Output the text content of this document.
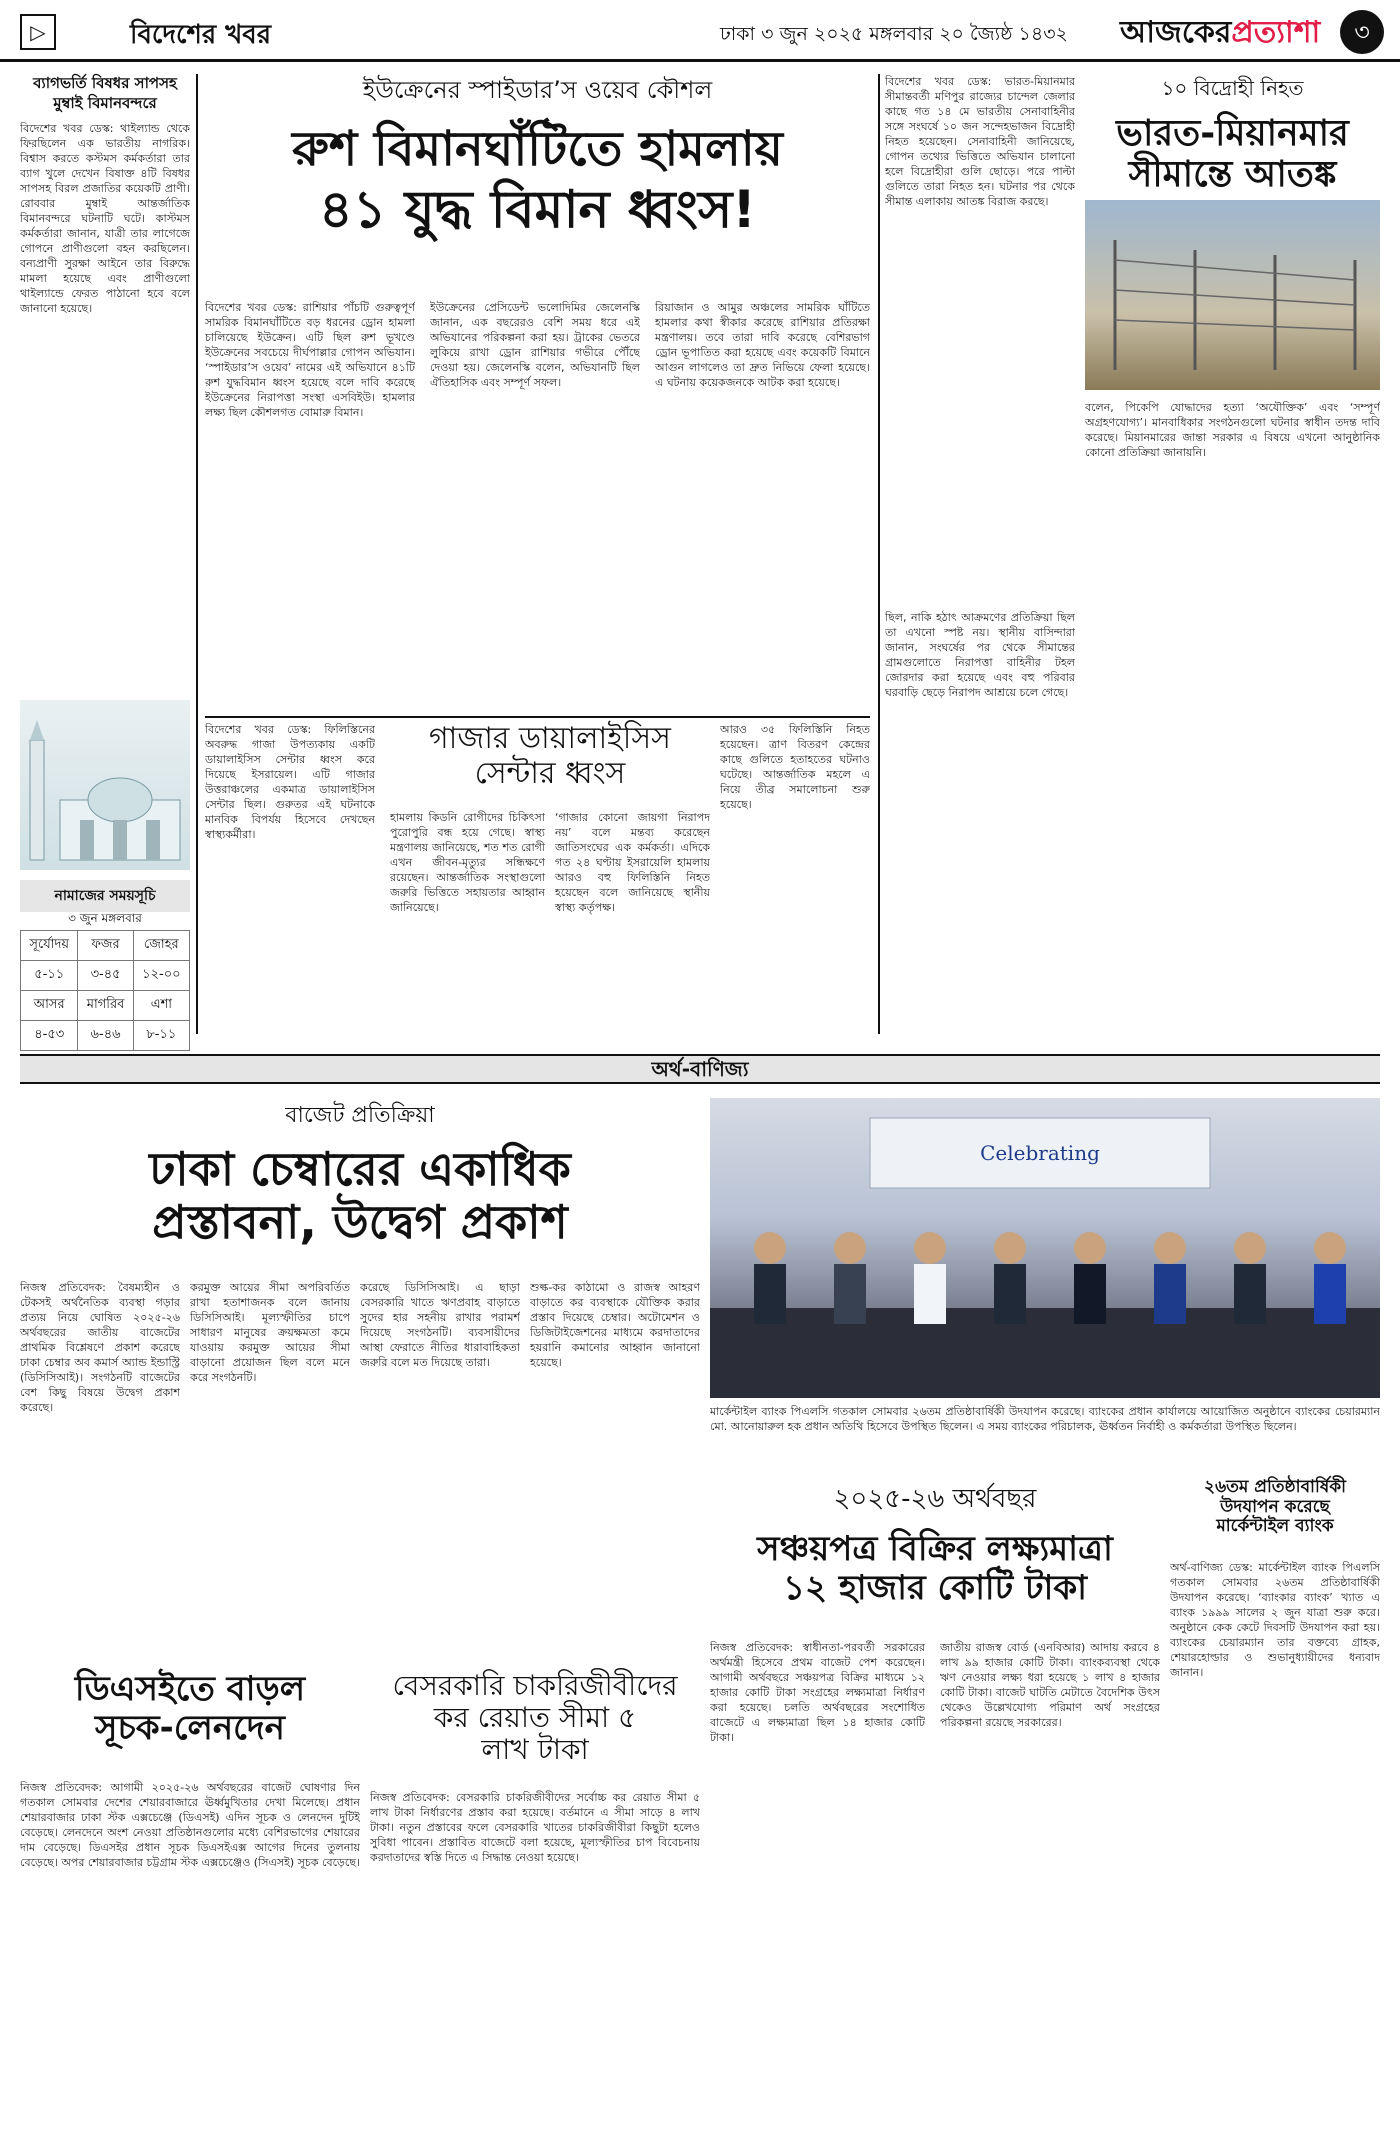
▷	বিদেশের খবর	ঢাকা ৩ জুন ২০২৫ মঙ্গলবার ২০ জ্যৈষ্ঠ ১৪৩২ আজকেরপ্রত্যাশা	৩
ব্যাগভর্তি বিষধর সাপসহ মুম্বাই বিমানবন্দরে
বিদেশের খবর ডেস্ক: থাইল্যান্ড থেকে ফিরছিলেন এক ভারতীয় নাগরিক। বিশ্বাস করতে কস্টমস কর্মকর্তারা তার ব্যাগ খুলে দেখেন বিষাক্ত ৪টি বিষধর সাপসহ বিরল প্রজাতির কয়েকটি প্রাণী। রোববার মুম্বাই আন্তর্জাতিক বিমানবন্দরে ঘটনাটি ঘটে। কাস্টমস কর্মকর্তারা জানান, যাত্রী তার লাগেজে গোপনে প্রাণীগুলো বহন করছিলেন। বন্যপ্রাণী সুরক্ষা আইনে তার বিরুদ্ধে মামলা হয়েছে এবং প্রাণীগুলো থাইল্যান্ডে ফেরত পাঠানো হবে বলে জানানো হয়েছে।
নামাজের সময়সূচি
৩ জুন মঙ্গলবার
সূর্যোদয়	ফজর	জোহর
৫-১১	৩-৪৫	১২-০০
আসর	মাগরিব	এশা
৪-৫৩	৬-৪৬	৮-১১
ইউক্রেনের স্পাইডার’স ওয়েব কৌশল
রুশ বিমানঘাঁটিতে হামলায়
৪১ যুদ্ধ বিমান ধ্বংস!
বিদেশের খবর ডেস্ক: রাশিয়ার পাঁচটি গুরুত্বপূর্ণ সামরিক বিমানঘাঁটিতে বড় ধরনের ড্রোন হামলা চালিয়েছে ইউক্রেন। এটি ছিল রুশ ভূখণ্ডে ইউক্রেনের সবচেয়ে দীর্ঘপাল্লার গোপন অভিযান। ‘স্পাইডার’স ওয়েব’ নামের এই অভিযানে ৪১টি রুশ যুদ্ধবিমান ধ্বংস হয়েছে বলে দাবি করেছে ইউক্রেনের নিরাপত্তা সংস্থা এসবিইউ। হামলার লক্ষ্য ছিল কৌশলগত বোমারু বিমান।
ইউক্রেনের প্রেসিডেন্ট ভলোদিমির জেলেনস্কি জানান, এক বছরেরও বেশি সময় ধরে এই অভিযানের পরিকল্পনা করা হয়। ট্রাকের ভেতরে লুকিয়ে রাখা ড্রোন রাশিয়ার গভীরে পৌঁছে দেওয়া হয়। জেলেনস্কি বলেন, অভিযানটি ছিল ঐতিহাসিক এবং সম্পূর্ণ সফল।
রিয়াজান ও আমুর অঞ্চলের সামরিক ঘাঁটিতে হামলার কথা স্বীকার করেছে রাশিয়ার প্রতিরক্ষা মন্ত্রণালয়। তবে তারা দাবি করেছে বেশিরভাগ ড্রোন ভূপাতিত করা হয়েছে এবং কয়েকটি বিমানে আগুন লাগলেও তা দ্রুত নিভিয়ে ফেলা হয়েছে। এ ঘটনায় কয়েকজনকে আটক করা হয়েছে।
বিদেশের খবর ডেস্ক: ভারত-মিয়ানমার সীমান্তবর্তী মণিপুর রাজ্যের চান্দেল জেলার কাছে গত ১৪ মে ভারতীয় সেনাবাহিনীর সঙ্গে সংঘর্ষে ১০ জন সন্দেহভাজন বিদ্রোহী নিহত হয়েছেন। সেনাবাহিনী জানিয়েছে, গোপন তথ্যের ভিত্তিতে অভিযান চালানো হলে বিদ্রোহীরা গুলি ছোড়ে। পরে পাল্টা গুলিতে তারা নিহত হন। ঘটনার পর থেকে সীমান্ত এলাকায় আতঙ্ক বিরাজ করছে।
১০ বিদ্রোহী নিহত
ভারত-মিয়ানমার
সীমান্তে আতঙ্ক
ছিল, নাকি হঠাৎ আক্রমণের প্রতিক্রিয়া ছিল তা এখনো স্পষ্ট নয়। স্থানীয় বাসিন্দারা জানান, সংঘর্ষের পর থেকে সীমান্তের গ্রামগুলোতে নিরাপত্তা বাহিনীর টহল জোরদার করা হয়েছে এবং বহু পরিবার ঘরবাড়ি ছেড়ে নিরাপদ আশ্রয়ে চলে গেছে।
বলেন, পিকেপি যোদ্ধাদের হত্যা ‘অযৌক্তিক’ এবং ‘সম্পূর্ণ অগ্রহণযোগ্য’। মানবাধিকার সংগঠনগুলো ঘটনার স্বাধীন তদন্ত দাবি করেছে। মিয়ানমারের জান্তা সরকার এ বিষয়ে এখনো আনুষ্ঠানিক কোনো প্রতিক্রিয়া জানায়নি।
গাজার ডায়ালাইসিস সেন্টার ধ্বংস
বিদেশের খবর ডেস্ক: ফিলিস্তিনের অবরুদ্ধ গাজা উপত্যকায় একটি ডায়ালাইসিস সেন্টার ধ্বংস করে দিয়েছে ইসরায়েল। এটি গাজার উত্তরাঞ্চলের একমাত্র ডায়ালাইসিস সেন্টার ছিল। গুরুতর এই ঘটনাকে মানবিক বিপর্যয় হিসেবে দেখছেন স্বাস্থ্যকর্মীরা।
হামলায় কিডনি রোগীদের চিকিৎসা পুরোপুরি বন্ধ হয়ে গেছে। স্বাস্থ্য মন্ত্রণালয় জানিয়েছে, শত শত রোগী এখন জীবন-মৃত্যুর সন্ধিক্ষণে রয়েছেন। আন্তর্জাতিক সংস্থাগুলো জরুরি ভিত্তিতে সহায়তার আহ্বান জানিয়েছে।
‘গাজার কোনো জায়গা নিরাপদ নয়’ বলে মন্তব্য করেছেন জাতিসংঘের এক কর্মকর্তা। এদিকে গত ২৪ ঘণ্টায় ইসরায়েলি হামলায় আরও বহু ফিলিস্তিনি নিহত হয়েছেন বলে জানিয়েছে স্থানীয় স্বাস্থ্য কর্তৃপক্ষ।
আরও ৩৫ ফিলিস্তিনি নিহত হয়েছেন। ত্রাণ বিতরণ কেন্দ্রের কাছে গুলিতে হতাহতের ঘটনাও ঘটেছে। আন্তর্জাতিক মহলে এ নিয়ে তীব্র সমালোচনা শুরু হয়েছে।
অর্থ-বাণিজ্য
বাজেট প্রতিক্রিয়া
ঢাকা চেম্বারের একাধিক
প্রস্তাবনা, উদ্বেগ প্রকাশ
নিজস্ব প্রতিবেদক: বৈষম্যহীন ও টেকসই অর্থনৈতিক ব্যবস্থা গড়ার প্রত্যয় নিয়ে ঘোষিত ২০২৫-২৬ অর্থবছরের জাতীয় বাজেটের প্রাথমিক বিশ্লেষণে প্রকাশ করেছে ঢাকা চেম্বার অব কমার্স অ্যান্ড ইন্ডাস্ট্রি (ডিসিসিআই)। সংগঠনটি বাজেটের বেশ কিছু বিষয়ে উদ্বেগ প্রকাশ করেছে।
করমুক্ত আয়ের সীমা অপরিবর্তিত রাখা হতাশাজনক বলে জানায় ডিসিসিআই। মূল্যস্ফীতির চাপে সাধারণ মানুষের ক্রয়ক্ষমতা কমে যাওয়ায় করমুক্ত আয়ের সীমা বাড়ানো প্রয়োজন ছিল বলে মনে করে সংগঠনটি।
করেছে ডিসিসিআই। এ ছাড়া বেসরকারি খাতে ঋণপ্রবাহ বাড়াতে সুদের হার সহনীয় রাখার পরামর্শ দিয়েছে সংগঠনটি। ব্যবসায়ীদের আস্থা ফেরাতে নীতির ধারাবাহিকতা জরুরি বলে মত দিয়েছে তারা।
শুল্ক-কর কাঠামো ও রাজস্ব আহরণ বাড়াতে কর ব্যবস্থাকে যৌক্তিক করার প্রস্তাব দিয়েছে চেম্বার। অটোমেশন ও ডিজিটাইজেশনের মাধ্যমে করদাতাদের হয়রানি কমানোর আহ্বান জানানো হয়েছে।
Celebrating
মার্কেন্টাইল ব্যাংক পিএলসি গতকাল সোমবার ২৬তম প্রতিষ্ঠাবার্ষিকী উদযাপন করেছে। ব্যাংকের প্রধান কার্যালয়ে আয়োজিত অনুষ্ঠানে ব্যাংকের চেয়ারম্যান মো. আনোয়ারুল হক প্রধান অতিথি হিসেবে উপস্থিত ছিলেন। এ সময় ব্যাংকের পরিচালক, ঊর্ধ্বতন নির্বাহী ও কর্মকর্তারা উপস্থিত ছিলেন।
২৬তম প্রতিষ্ঠাবার্ষিকী
উদযাপন করেছে
মার্কেন্টাইল ব্যাংক
অর্থ-বাণিজ্য ডেস্ক: মার্কেন্টাইল ব্যাংক পিএলসি গতকাল সোমবার ২৬তম প্রতিষ্ঠাবার্ষিকী উদযাপন করেছে। ‘ব্যাংকার ব্যাংক’ খ্যাত এ ব্যাংক ১৯৯৯ সালের ২ জুন যাত্রা শুরু করে। অনুষ্ঠানে কেক কেটে দিবসটি উদযাপন করা হয়। ব্যাংকের চেয়ারম্যান তার বক্তব্যে গ্রাহক, শেয়ারহোল্ডার ও শুভানুধ্যায়ীদের ধন্যবাদ জানান।
২০২৫-২৬ অর্থবছর
সঞ্চয়পত্র বিক্রির লক্ষ্যমাত্রা
১২ হাজার কোটি টাকা
নিজস্ব প্রতিবেদক: স্বাধীনতা-পরবর্তী সরকারের অর্থমন্ত্রী হিসেবে প্রথম বাজেট পেশ করেছেন। আগামী অর্থবছরে সঞ্চয়পত্র বিক্রির মাধ্যমে ১২ হাজার কোটি টাকা সংগ্রহের লক্ষ্যমাত্রা নির্ধারণ করা হয়েছে। চলতি অর্থবছরের সংশোধিত বাজেটে এ লক্ষ্যমাত্রা ছিল ১৪ হাজার কোটি টাকা।
জাতীয় রাজস্ব বোর্ড (এনবিআর) আদায় করবে ৪ লাখ ৯৯ হাজার কোটি টাকা। ব্যাংকব্যবস্থা থেকে ঋণ নেওয়ার লক্ষ্য ধরা হয়েছে ১ লাখ ৪ হাজার কোটি টাকা। বাজেট ঘাটতি মেটাতে বৈদেশিক উৎস থেকেও উল্লেখযোগ্য পরিমাণ অর্থ সংগ্রহের পরিকল্পনা রয়েছে সরকারের।
ডিএসইতে বাড়ল
সূচক-লেনদেন
নিজস্ব প্রতিবেদক: আগামী ২০২৫-২৬ অর্থবছরের বাজেট ঘোষণার দিন গতকাল সোমবার দেশের শেয়ারবাজারে ঊর্ধ্বমুখিতার দেখা মিলেছে। প্রধান শেয়ারবাজার ঢাকা স্টক এক্সচেঞ্জে (ডিএসই) এদিন সূচক ও লেনদেন দুটিই বেড়েছে। লেনদেনে অংশ নেওয়া প্রতিষ্ঠানগুলোর মধ্যে বেশিরভাগের শেয়ারের দাম বেড়েছে। ডিএসইর প্রধান সূচক ডিএসইএক্স আগের দিনের তুলনায় বেড়েছে। অপর শেয়ারবাজার চট্টগ্রাম স্টক এক্সচেঞ্জেও (সিএসই) সূচক বেড়েছে।
বেসরকারি চাকরিজীবীদের
কর রেয়াত সীমা ৫
লাখ টাকা
নিজস্ব প্রতিবেদক: বেসরকারি চাকরিজীবীদের সর্বোচ্চ কর রেয়াত সীমা ৫ লাখ টাকা নির্ধারণের প্রস্তাব করা হয়েছে। বর্তমানে এ সীমা সাড়ে ৪ লাখ টাকা। নতুন প্রস্তাবের ফলে বেসরকারি খাতের চাকরিজীবীরা কিছুটা হলেও সুবিধা পাবেন। প্রস্তাবিত বাজেটে বলা হয়েছে, মূল্যস্ফীতির চাপ বিবেচনায় করদাতাদের স্বস্তি দিতে এ সিদ্ধান্ত নেওয়া হয়েছে।
